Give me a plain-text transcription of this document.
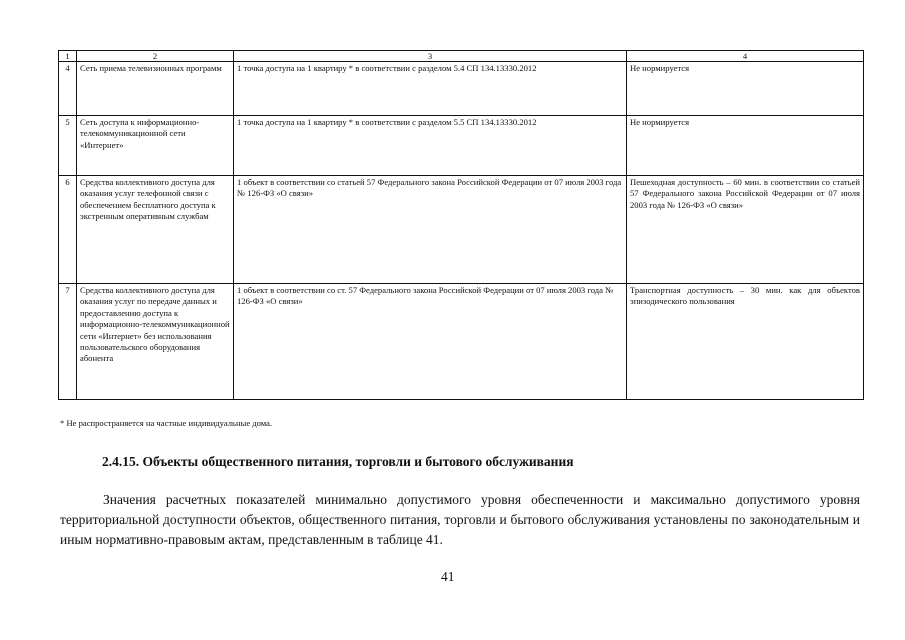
1	2	3	4
4	Сеть приема телевизионных программ	1 точка доступа на 1 квартиру * в соответствии с разделом 5.4 СП 134.13330.2012	Не нормируется
5	Сеть доступа к информационно-телекоммуникационной сети «Интернет»	1 точка доступа на 1 квартиру * в соответствии с разделом 5.5 СП 134.13330.2012	Не нормируется
6	Средства коллективного доступа для оказания услуг телефонной связи с обеспечением бесплатного доступа к экстренным оперативным службам	1 объект в соответствии со статьей 57 Федерального закона Российской Федерации от 07 июля 2003 года № 126-ФЗ «О связи»	Пешеходная доступность – 60 мин. в соответствии со статьей 57 Федерального закона Российской Федерации от 07 июля 2003 года № 126-ФЗ «О связи»
7	Средства коллективного доступа для оказания услуг по передаче данных и предоставлению доступа к информационно-телекоммуникационной сети «Интернет» без использования пользовательского оборудования абонента	1 объект в соответствии со ст. 57 Федерального закона Российской Федерации от 07 июля 2003 года № 126-ФЗ «О связи»	Транспортная доступность – 30 мин. как для объектов эпизодического пользования
* Не распространяется на частные индивидуальные дома.
2.4.15. Объекты общественного питания, торговли и бытового обслуживания
Значения расчетных показателей минимально допустимого уровня обеспеченности и максимально допустимого уровня территориальной доступности объектов, общественного питания, торговли и бытового обслуживания установлены по законодательным и иным нормативно-правовым актам, представленным в таблице 41.
41
